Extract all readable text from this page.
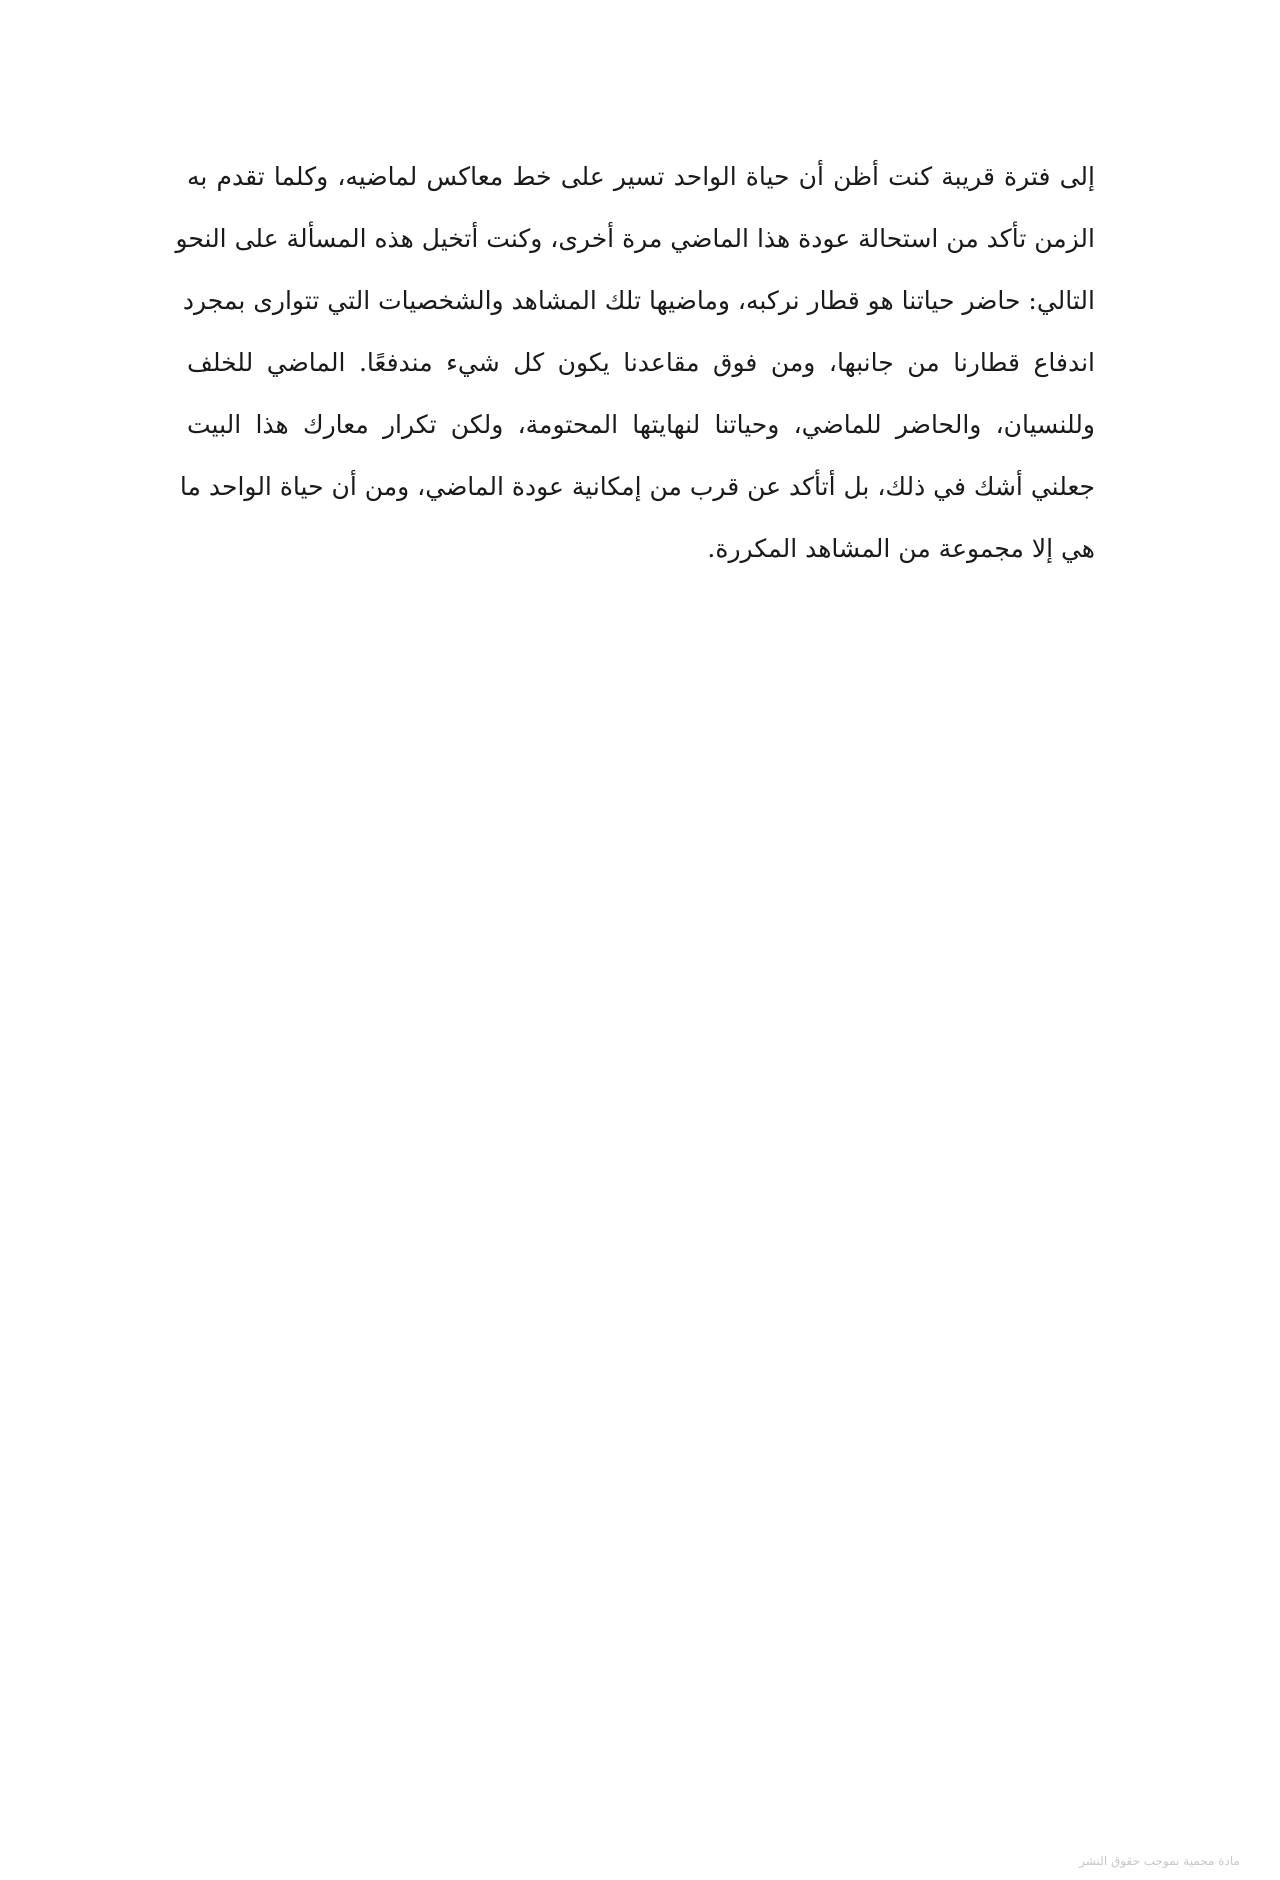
إلى فترة قريبة كنت أظن أن حياة الواحد تسير على خط معاكس لماضيه، وكلما تقدم به
الزمن تأكد من استحالة عودة هذا الماضي مرة أخرى، وكنت أتخيل هذه المسألة على النحو
التالي: حاضر حياتنا هو قطار نركبه، وماضيها تلك المشاهد والشخصيات التي تتوارى بمجرد
اندفاع قطارنا من جانبها، ومن فوق مقاعدنا يكون كل شيء مندفعًا. الماضي للخلف
وللنسيان، والحاضر للماضي، وحياتنا لنهايتها المحتومة، ولكن تكرار معارك هذا البيت
جعلني أشك في ذلك، بل أتأكد عن قرب من إمكانية عودة الماضي، ومن أن حياة الواحد ما
هي إلا مجموعة من المشاهد المكررة.
مادة محمية بموجب حقوق النشر
